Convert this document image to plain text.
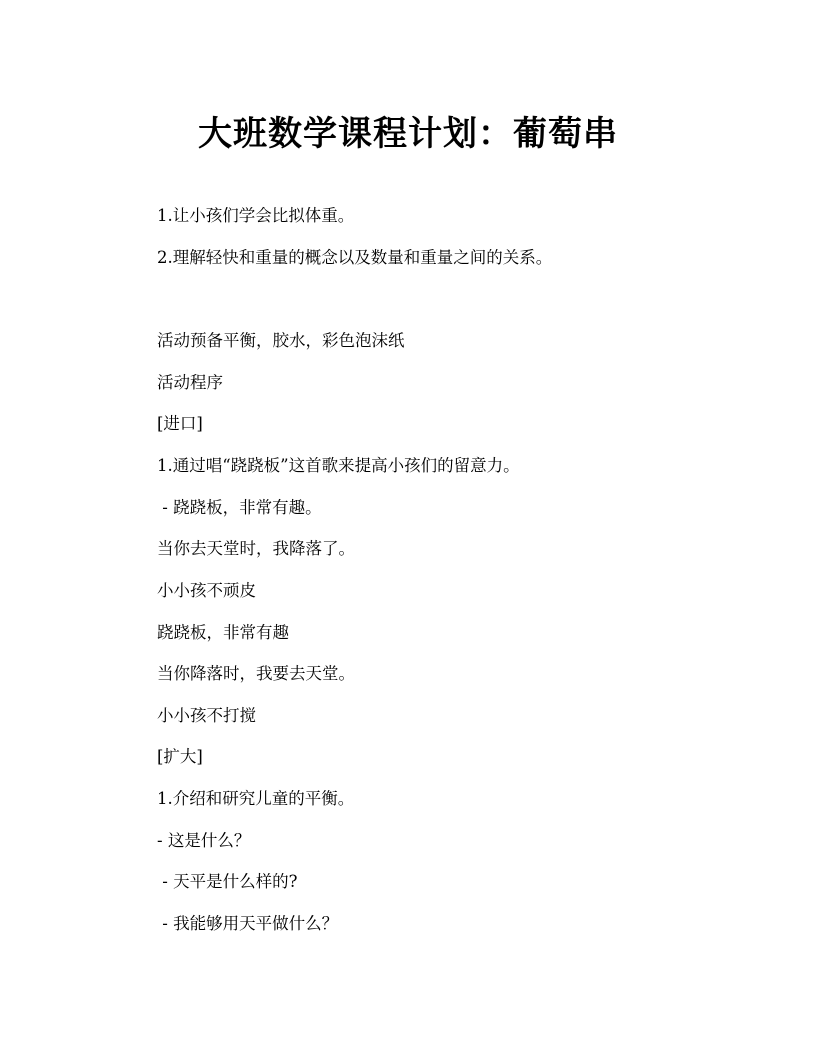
大班数学课程计划：葡萄串

1.让小孩们学会比拟体重。

2.理解轻快和重量的概念以及数量和重量之间的关系。

活动预备平衡，胶水，彩色泡沫纸

活动程序

[进口]

1.通过唱“跷跷板”这首歌来提高小孩们的留意力。

- 跷跷板，非常有趣。

当你去天堂时，我降落了。

小小孩不顽皮

跷跷板，非常有趣

当你降落时，我要去天堂。

小小孩不打搅

[扩大]

1.介绍和研究儿童的平衡。

- 这是什么？

- 天平是什么样的?

- 我能够用天平做什么？
